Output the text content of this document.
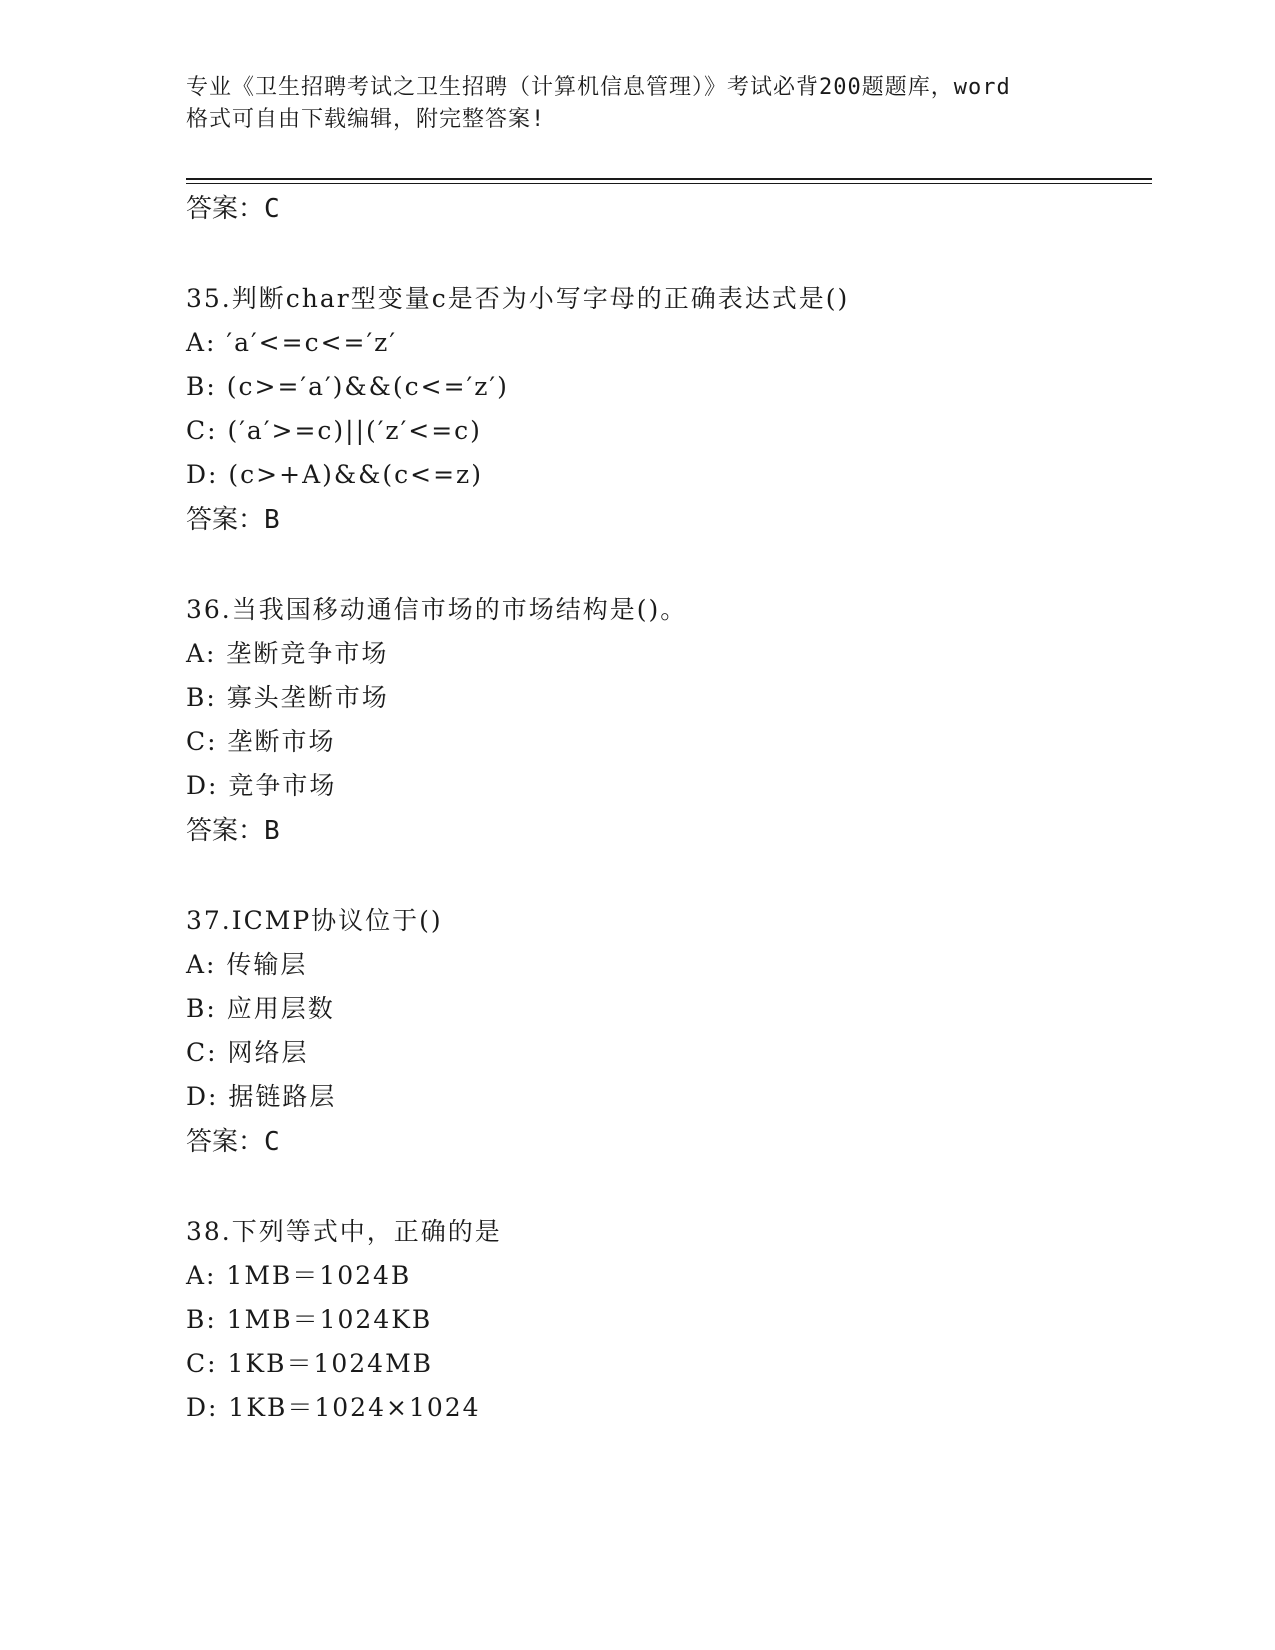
专业《卫生招聘考试之卫生招聘（计算机信息管理）》考试必背200题题库，word
格式可自由下载编辑，附完整答案!
答案：C
35.判断char型变量c是否为小写字母的正确表达式是()
A: ′a′<=c<=′z′
B: (c>=′a′)&&(c<=′z′)
C: (′a′>=c)||(′z′<=c)
D: (c>+A)&&(c<=z)
答案：B
36.当我国移动通信市场的市场结构是()。
A: 垄断竞争市场
B: 寡头垄断市场
C: 垄断市场
D: 竞争市场
答案：B
37.ICMP协议位于()
A: 传输层
B: 应用层数
C: 网络层
D: 据链路层
答案：C
38.下列等式中，正确的是
A: 1MB＝1024B
B: 1MB＝1024KB
C: 1KB＝1024MB
D: 1KB＝1024×1024
